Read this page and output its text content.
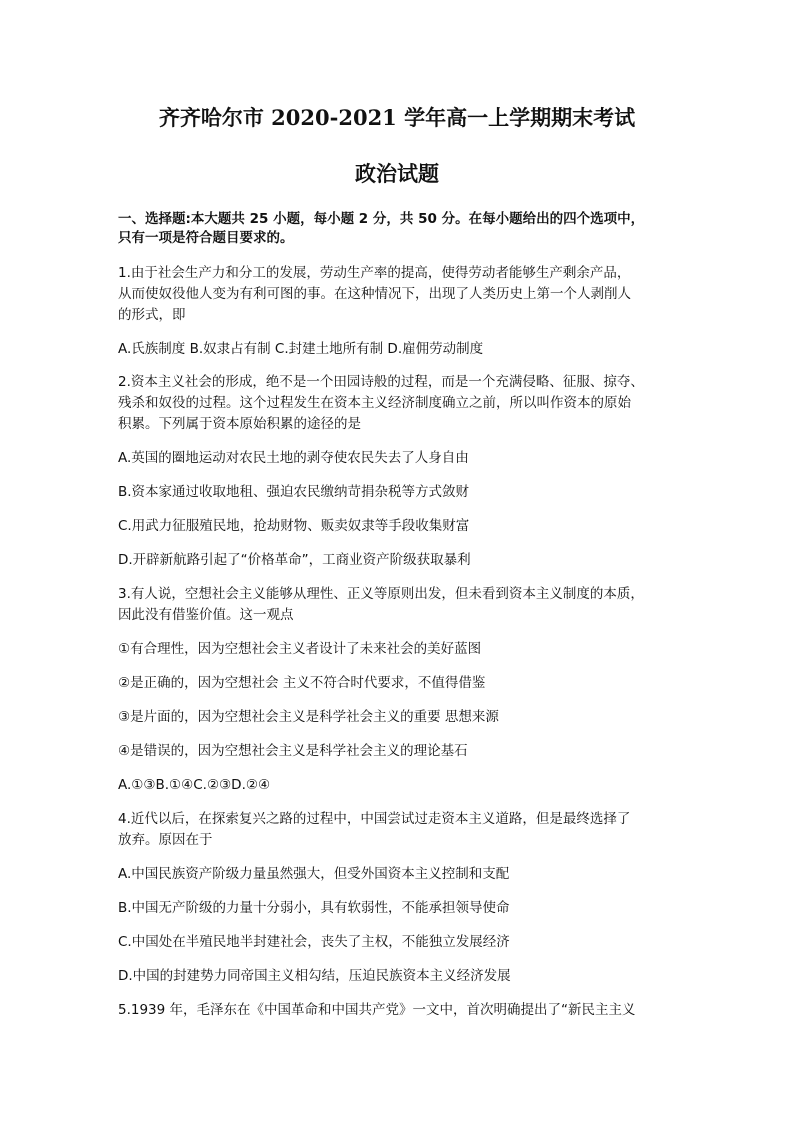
齐齐哈尔市 2020-2021 学年高一上学期期末考试
政治试题
一、选择题:本大题共 25 小题，每小题 2 分，共 50 分。在每小题给出的四个选项中，
只有一项是符合题目要求的。
1.由于社会生产力和分工的发展，劳动生产率的提高，使得劳动者能够生产剩余产品，
从而使奴役他人变为有利可图的事。在这种情况下，出现了人类历史上第一个人剥削人
的形式，即
A.氏族制度 B.奴隶占有制 C.封建土地所有制 D.雇佣劳动制度
2.资本主义社会的形成，绝不是一个田园诗般的过程，而是一个充满侵略、征服、掠夺、
残杀和奴役的过程。这个过程发生在资本主义经济制度确立之前，所以叫作资本的原始
积累。下列属于资本原始积累的途径的是
A.英国的圈地运动对农民土地的剥夺使农民失去了人身自由
B.资本家通过收取地租、强迫农民缴纳苛捐杂税等方式敛财
C.用武力征服殖民地，抢劫财物、贩卖奴隶等手段收集财富
D.开辟新航路引起了“价格革命”，工商业资产阶级获取暴利
3.有人说，空想社会主义能够从理性、正义等原则出发，但未看到资本主义制度的本质，
因此没有借鉴价值。这一观点
①有合理性，因为空想社会主义者设计了未来社会的美好蓝图
②是正确的，因为空想社会 主义不符合时代要求，不值得借鉴
③是片面的，因为空想社会主义是科学社会主义的重要 思想来源
④是错误的，因为空想社会主义是科学社会主义的理论基石
A.①③B.①④C.②③D.②④
4.近代以后，在探索复兴之路的过程中，中国尝试过走资本主义道路，但是最终选择了
放弃。原因在于
A.中国民族资产阶级力量虽然强大，但受外国资本主义控制和支配
B.中国无产阶级的力量十分弱小，具有软弱性，不能承担领导使命
C.中国处在半殖民地半封建社会，丧失了主权，不能独立发展经济
D.中国的封建势力同帝国主义相勾结，压迫民族资本主义经济发展
5.1939 年，毛泽东在《中国革命和中国共产党》一文中，首次明确提出了“新民主主义
